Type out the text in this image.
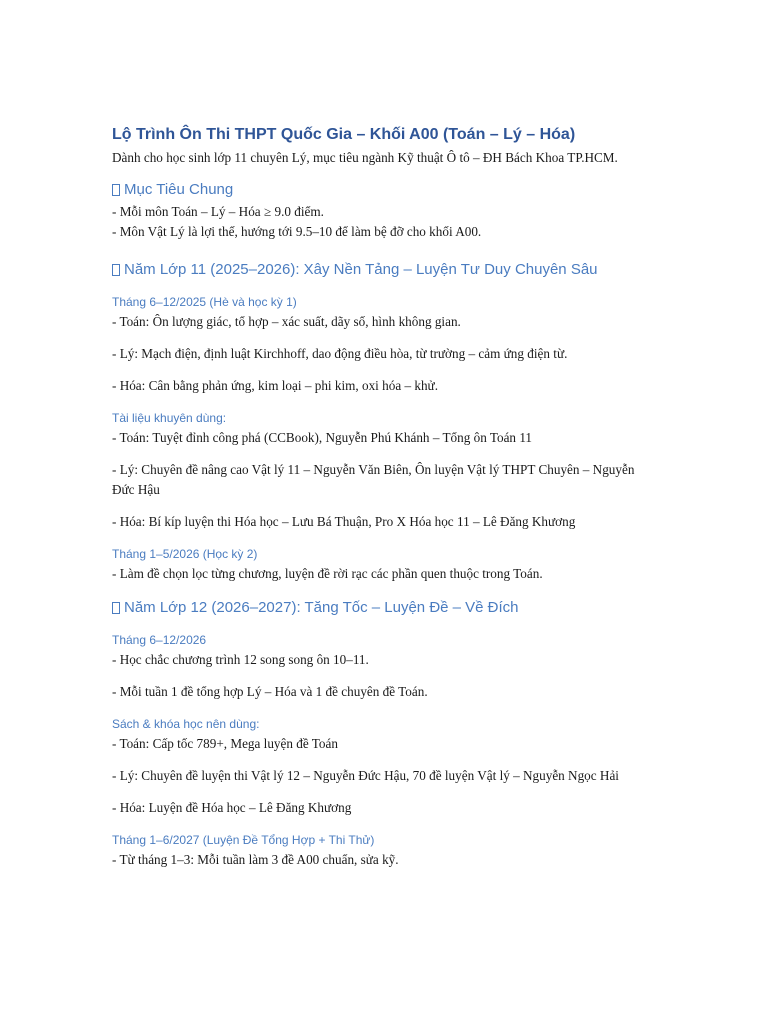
Lộ Trình Ôn Thi THPT Quốc Gia – Khối A00 (Toán – Lý – Hóa)
Dành cho học sinh lớp 11 chuyên Lý, mục tiêu ngành Kỹ thuật Ô tô – ĐH Bách Khoa TP.HCM.
Mục Tiêu Chung
- Mỗi môn Toán – Lý – Hóa ≥ 9.0 điểm.
- Môn Vật Lý là lợi thế, hướng tới 9.5–10 để làm bệ đỡ cho khối A00.
Năm Lớp 11 (2025–2026): Xây Nền Tảng – Luyện Tư Duy Chuyên Sâu
Tháng 6–12/2025 (Hè và học kỳ 1)
- Toán: Ôn lượng giác, tổ hợp – xác suất, dãy số, hình không gian.
- Lý: Mạch điện, định luật Kirchhoff, dao động điều hòa, từ trường – cảm ứng điện từ.
- Hóa: Cân bằng phản ứng, kim loại – phi kim, oxi hóa – khử.
Tài liệu khuyên dùng:
- Toán: Tuyệt đỉnh công phá (CCBook), Nguyễn Phú Khánh – Tổng ôn Toán 11
- Lý: Chuyên đề nâng cao Vật lý 11 – Nguyễn Văn Biên, Ôn luyện Vật lý THPT Chuyên – Nguyễn Đức Hậu
- Hóa: Bí kíp luyện thi Hóa học – Lưu Bá Thuận, Pro X Hóa học 11 – Lê Đăng Khương
Tháng 1–5/2026 (Học kỳ 2)
- Làm đề chọn lọc từng chương, luyện đề rời rạc các phần quen thuộc trong Toán.
Năm Lớp 12 (2026–2027): Tăng Tốc – Luyện Đề – Về Đích
Tháng 6–12/2026
- Học chắc chương trình 12 song song ôn 10–11.
- Mỗi tuần 1 đề tổng hợp Lý – Hóa và 1 đề chuyên đề Toán.
Sách & khóa học nên dùng:
- Toán: Cấp tốc 789+, Mega luyện đề Toán
- Lý: Chuyên đề luyện thi Vật lý 12 – Nguyễn Đức Hậu, 70 đề luyện Vật lý – Nguyễn Ngọc Hải
- Hóa: Luyện đề Hóa học – Lê Đăng Khương
Tháng 1–6/2027 (Luyện Đề Tổng Hợp + Thi Thử)
- Từ tháng 1–3: Mỗi tuần làm 3 đề A00 chuẩn, sửa kỹ.
